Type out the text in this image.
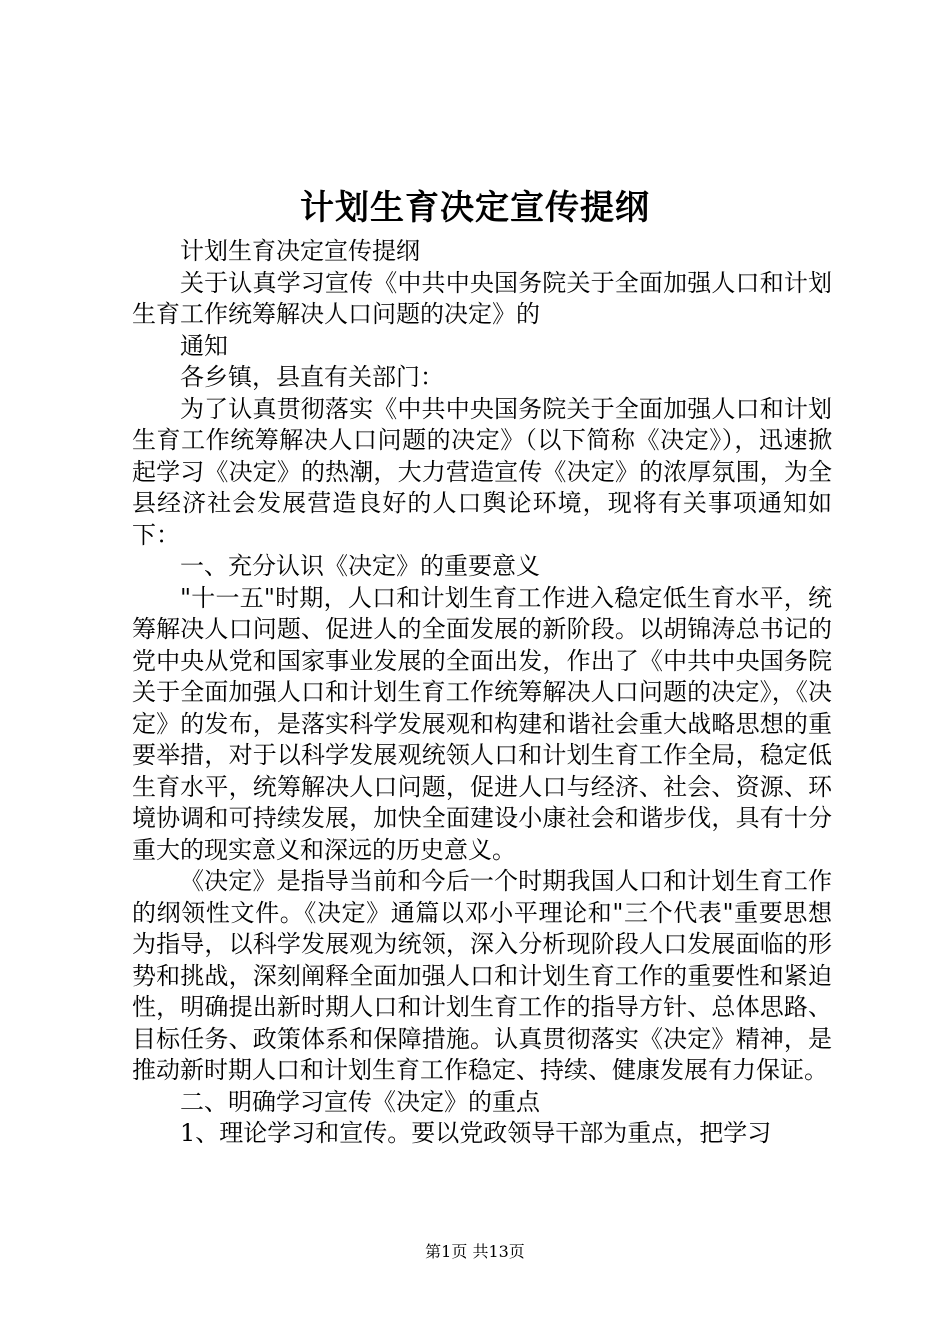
计划生育决定宣传提纲

计划生育决定宣传提纲

关于认真学习宣传《中共中央国务院关于全面加强人口和计划生育工作统筹解决人口问题的决定》的

通知

各乡镇，县直有关部门：

为了认真贯彻落实《中共中央国务院关于全面加强人口和计划生育工作统筹解决人口问题的决定》（以下简称《决定》），迅速掀起学习《决定》的热潮，大力营造宣传《决定》的浓厚氛围，为全县经济社会发展营造良好的人口舆论环境，现将有关事项通知如下：

一、充分认识《决定》的重要意义

"十一五"时期，人口和计划生育工作进入稳定低生育水平，统筹解决人口问题、促进人的全面发展的新阶段。以胡锦涛总书记的党中央从党和国家事业发展的全面出发，作出了《中共中央国务院关于全面加强人口和计划生育工作统筹解决人口问题的决定》，《决定》的发布，是落实科学发展观和构建和谐社会重大战略思想的重要举措，对于以科学发展观统领人口和计划生育工作全局，稳定低生育水平，统筹解决人口问题，促进人口与经济、社会、资源、环境协调和可持续发展，加快全面建设小康社会和谐步伐，具有十分重大的现实意义和深远的历史意义。

《决定》是指导当前和今后一个时期我国人口和计划生育工作的纲领性文件。《决定》通篇以邓小平理论和"三个代表"重要思想为指导，以科学发展观为统领，深入分析现阶段人口发展面临的形势和挑战，深刻阐释全面加强人口和计划生育工作的重要性和紧迫性，明确提出新时期人口和计划生育工作的指导方针、总体思路、目标任务、政策体系和保障措施。认真贯彻落实《决定》精神，是推动新时期人口和计划生育工作稳定、持续、健康发展有力保证。

二、明确学习宣传《决定》的重点

1、理论学习和宣传。要以党政领导干部为重点，把学习

第1页 共13页
